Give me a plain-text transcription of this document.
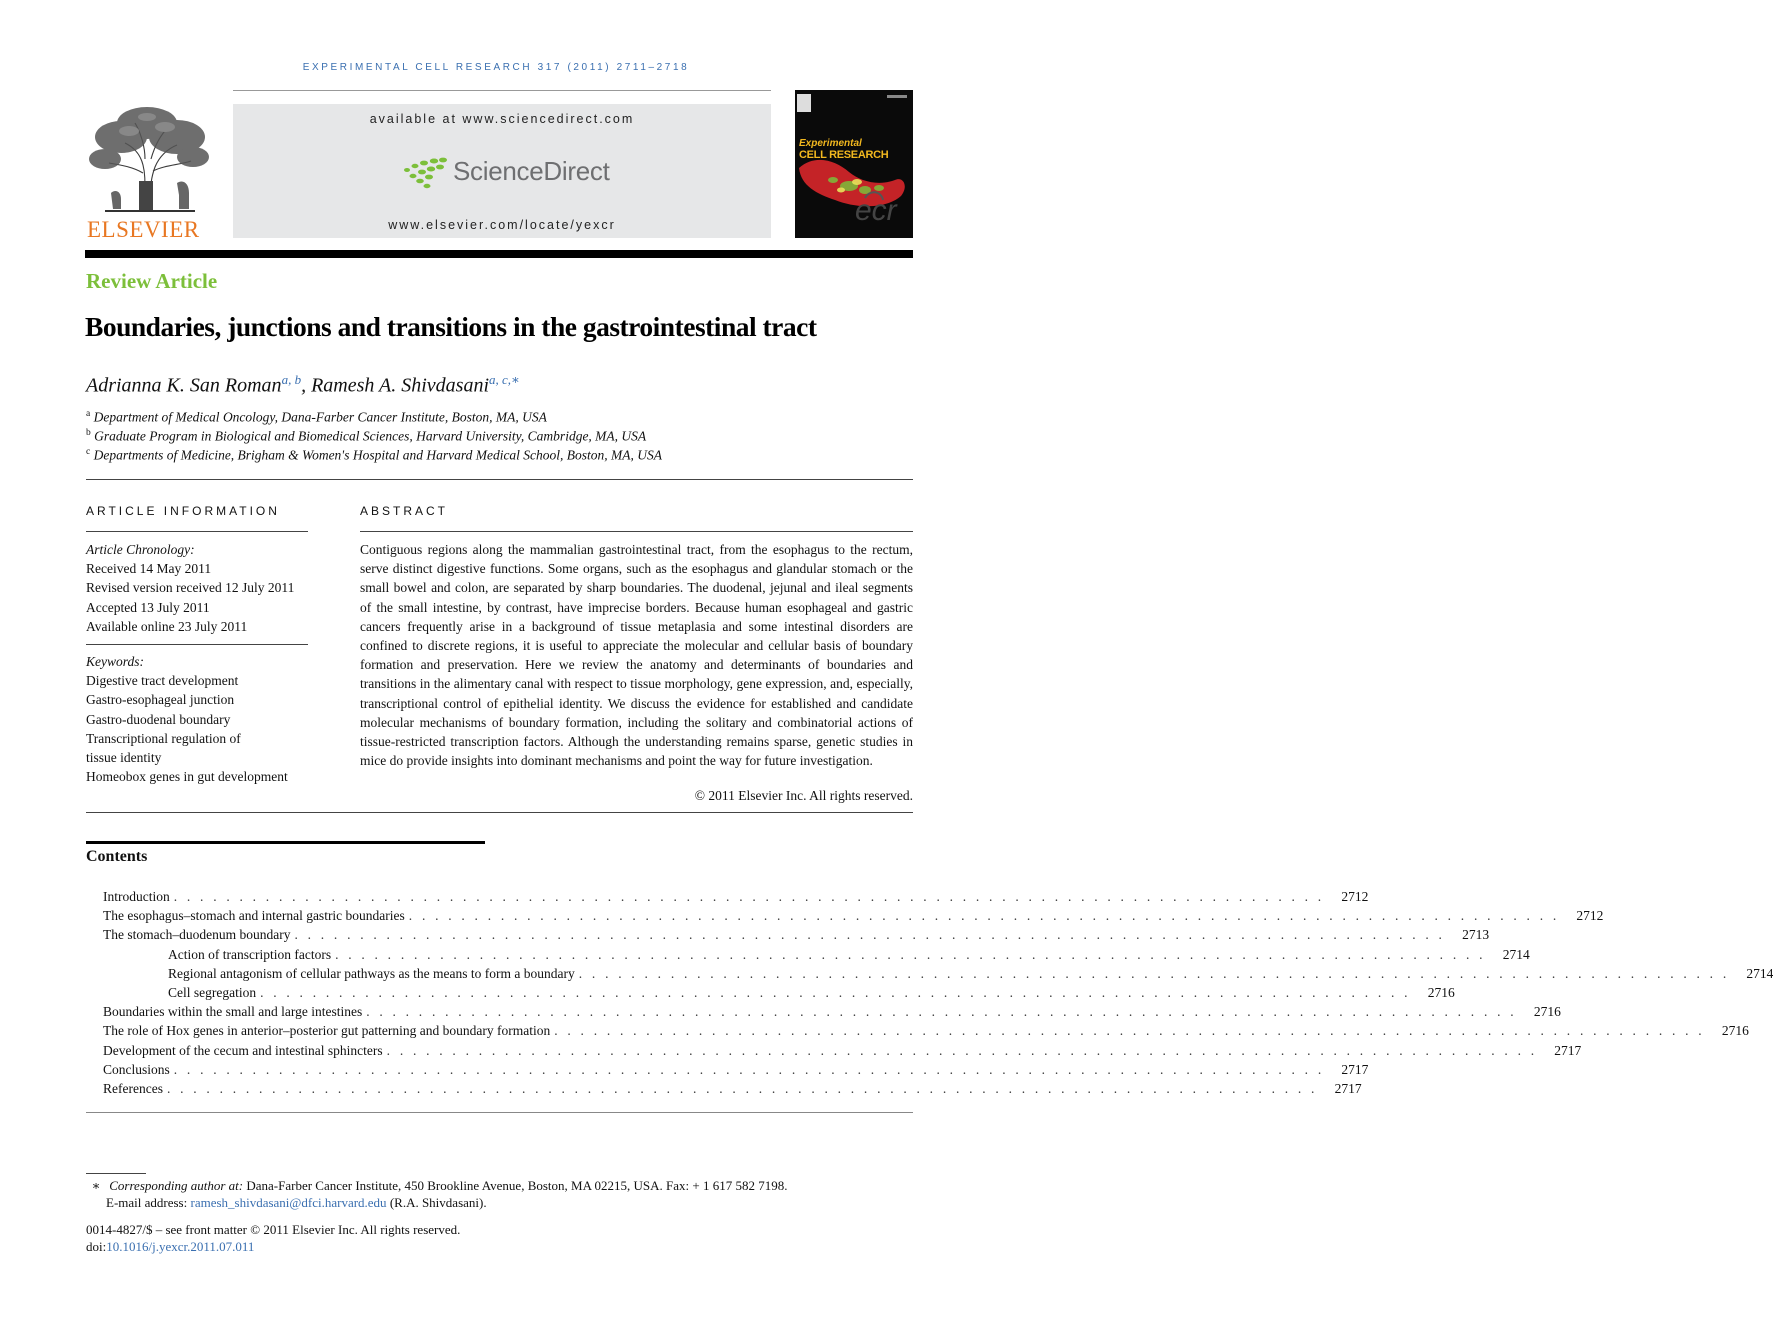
EXPERIMENTAL CELL RESEARCH 317 (2011) 2711–2718
ELSEVIER
available at www.sciencedirect.com
ScienceDirect
www.elsevier.com/locate/yexcr
Experimental
CELL RESEARCH
ecr
Review Article
Boundaries, junctions and transitions in the gastrointestinal tract
Adrianna K. San Roman$^{a, b}$, Ramesh A. Shivdasani$^{a, c,∗}$
$^a$ Department of Medical Oncology, Dana-Farber Cancer Institute, Boston, MA, USA
$^b$ Graduate Program in Biological and Biomedical Sciences, Harvard University, Cambridge, MA, USA
$^c$ Departments of Medicine, Brigham & Women's Hospital and Harvard Medical School, Boston, MA, USA
ARTICLE INFORMATION
Article Chronology:
Received 14 May 2011
Revised version received 12 July 2011
Accepted 13 July 2011
Available online 23 July 2011
Keywords:
Digestive tract development
Gastro-esophageal junction
Gastro-duodenal boundary
Transcriptional regulation of
tissue identity
Homeobox genes in gut development
ABSTRACT
Contiguous regions along the mammalian gastrointestinal tract, from the esophagus to the rectum, serve distinct digestive functions. Some organs, such as the esophagus and glandular stomach or the small bowel and colon, are separated by sharp boundaries. The duodenal, jejunal and ileal segments of the small intestine, by contrast, have imprecise borders. Because human esophageal and gastric cancers frequently arise in a background of tissue metaplasia and some intestinal disorders are confined to discrete regions, it is useful to appreciate the molecular and cellular basis of boundary formation and preservation. Here we review the anatomy and determinants of boundaries and transitions in the alimentary canal with respect to tissue morphology, gene expression, and, especially, transcriptional control of epithelial identity. We discuss the evidence for established and candidate molecular mechanisms of boundary formation, including the solitary and combinatorial actions of tissue-restricted transcription factors. Although the understanding remains sparse, genetic studies in mice do provide insights into dominant mechanisms and point the way for future investigation.
© 2011 Elsevier Inc. All rights reserved.
Contents
Introduction . . . . . . . . . . . . . . . . . . . . . . . . . . . . . . . . . . . . . . . . . . . . . . . . . . . . . . . . . . . . . . . . . . . . . . . . . . . . . . . . . . . . . . . .	2712
The esophagus–stomach and internal gastric boundaries . . . . . . . . . . . . . . . . . . . . . . . . . . . . . . . . . . . . . . . . . . . . . . . . . . . . . . . . . . . . . . . . . . . . . . . . . . . . . . . . . . . . . . . .	2712
The stomach–duodenum boundary . . . . . . . . . . . . . . . . . . . . . . . . . . . . . . . . . . . . . . . . . . . . . . . . . . . . . . . . . . . . . . . . . . . . . . . . . . . . . . . . . . . . . . . .	2713
Action of transcription factors . . . . . . . . . . . . . . . . . . . . . . . . . . . . . . . . . . . . . . . . . . . . . . . . . . . . . . . . . . . . . . . . . . . . . . . . . . . . . . . . . . . . . . . .	2714
Regional antagonism of cellular pathways as the means to form a boundary . . . . . . . . . . . . . . . . . . . . . . . . . . . . . . . . . . . . . . . . . . . . . . . . . . . . . . . . . . . . . . . . . . . . . . . . . . . . . . . . . . . . . . . .	2714
Cell segregation . . . . . . . . . . . . . . . . . . . . . . . . . . . . . . . . . . . . . . . . . . . . . . . . . . . . . . . . . . . . . . . . . . . . . . . . . . . . . . . . . . . . . . . .	2716
Boundaries within the small and large intestines . . . . . . . . . . . . . . . . . . . . . . . . . . . . . . . . . . . . . . . . . . . . . . . . . . . . . . . . . . . . . . . . . . . . . . . . . . . . . . . . . . . . . . . .	2716
The role of Hox genes in anterior–posterior gut patterning and boundary formation . . . . . . . . . . . . . . . . . . . . . . . . . . . . . . . . . . . . . . . . . . . . . . . . . . . . . . . . . . . . . . . . . . . . . . . . . . . . . . . . . . . . . . . .	2716
Development of the cecum and intestinal sphincters . . . . . . . . . . . . . . . . . . . . . . . . . . . . . . . . . . . . . . . . . . . . . . . . . . . . . . . . . . . . . . . . . . . . . . . . . . . . . . . . . . . . . . . .	2717
Conclusions . . . . . . . . . . . . . . . . . . . . . . . . . . . . . . . . . . . . . . . . . . . . . . . . . . . . . . . . . . . . . . . . . . . . . . . . . . . . . . . . . . . . . . . .	2717
References . . . . . . . . . . . . . . . . . . . . . . . . . . . . . . . . . . . . . . . . . . . . . . . . . . . . . . . . . . . . . . . . . . . . . . . . . . . . . . . . . . . . . . . .	2717
∗ Corresponding author at: Dana-Farber Cancer Institute, 450 Brookline Avenue, Boston, MA 02215, USA. Fax: + 1 617 582 7198.
E-mail address: ramesh_shivdasani@dfci.harvard.edu (R.A. Shivdasani).
0014-4827/$ – see front matter © 2011 Elsevier Inc. All rights reserved.
doi:10.1016/j.yexcr.2011.07.011
